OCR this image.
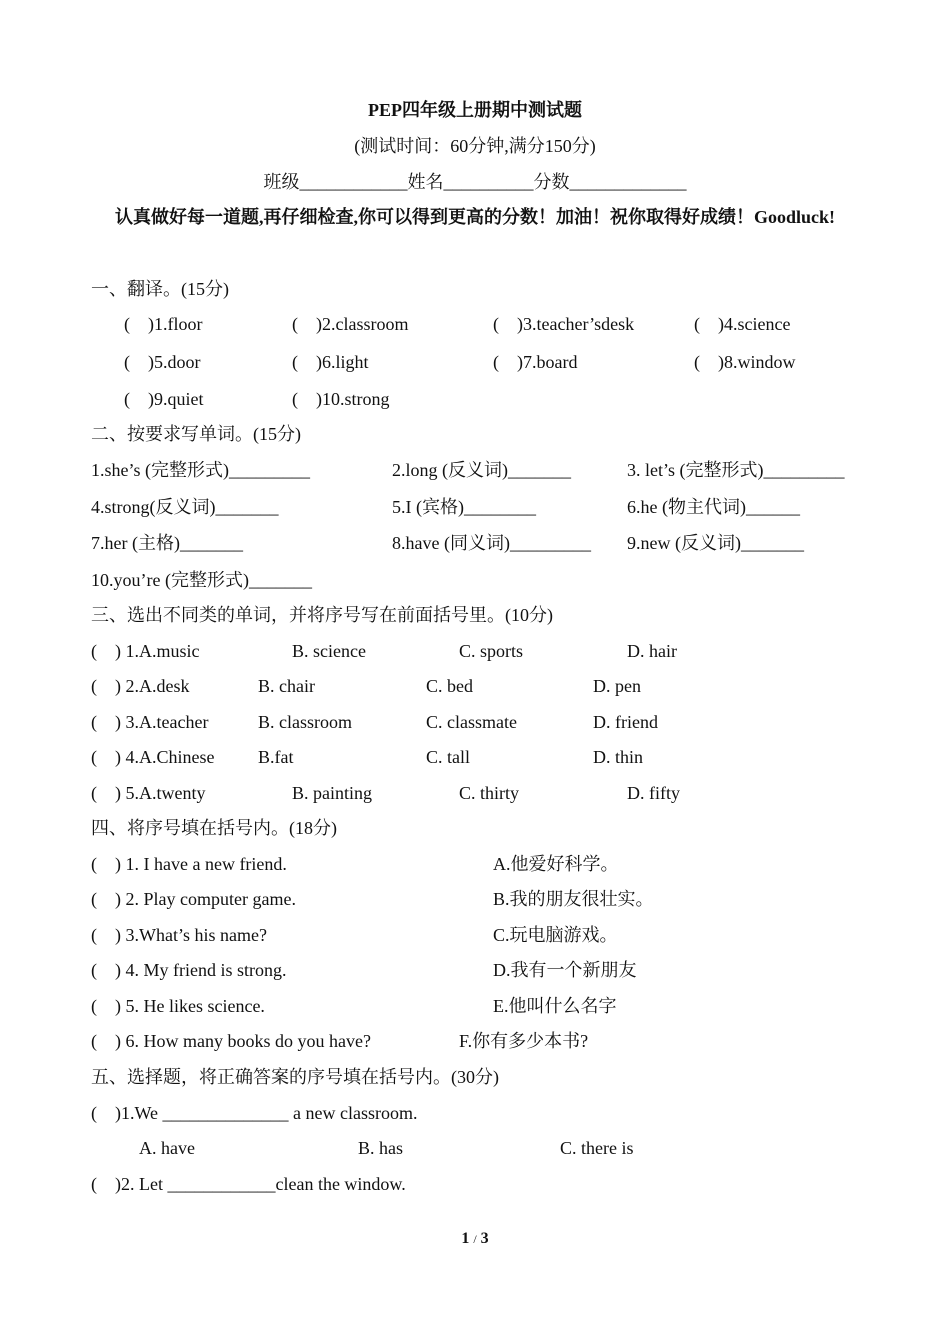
PEP四年级上册期中测试题
(测试时间：60分钟,满分150分)
班级____________姓名__________分数_____________
认真做好每一道题,再仔细检查,你可以得到更高的分数！加油！祝你取得好成绩！Goodluck!
一、翻译。(15分)
(    )1.floor	(    )2.classroom	(    )3.teacher’sdesk	(    )4.science
(    )5.door	(    )6.light	(    )7.board	(    )8.window
(    )9.quiet	(    )10.strong
二、按要求写单词。(15分)
1.she’s (完整形式)_________	2.long (反义词)_______	3. let’s (完整形式)_________
4.strong(反义词)_______	5.I (宾格)________	6.he (物主代词)______
7.her (主格)_______	8.have (同义词)_________ 9.new (反义词)_______
10.you’re (完整形式)_______
三、选出不同类的单词，并将序号写在前面括号里。(10分)
(    ) 1.A.music	B. science	C. sports	D. hair
(    ) 2.A.desk	B. chair	C. bed	D. pen
(    ) 3.A.teacher	B. classroom	C. classmate	D. friend
(    ) 4.A.Chinese B.fat	C. tall	D. thin
(    ) 5.A.twenty	B. painting	C. thirty	D. fifty
四、将序号填在括号内。(18分)
(    ) 1. I have a new friend.	A.他爱好科学。
(    ) 2. Play computer game.	B.我的朋友很壮实。
(    ) 3.What’s his name?	C.玩电脑游戏。
(    ) 4. My friend is strong.	D.我有一个新朋友
(    ) 5. He likes science.	E.他叫什么名字
(    ) 6. How many books do you have?	F.你有多少本书?
五、选择题，将正确答案的序号填在括号内。(30分)
(    )1.We ______________ a new classroom.
A. have	B. has	C. there is
(    )2. Let ____________clean the window.
1 / 3
